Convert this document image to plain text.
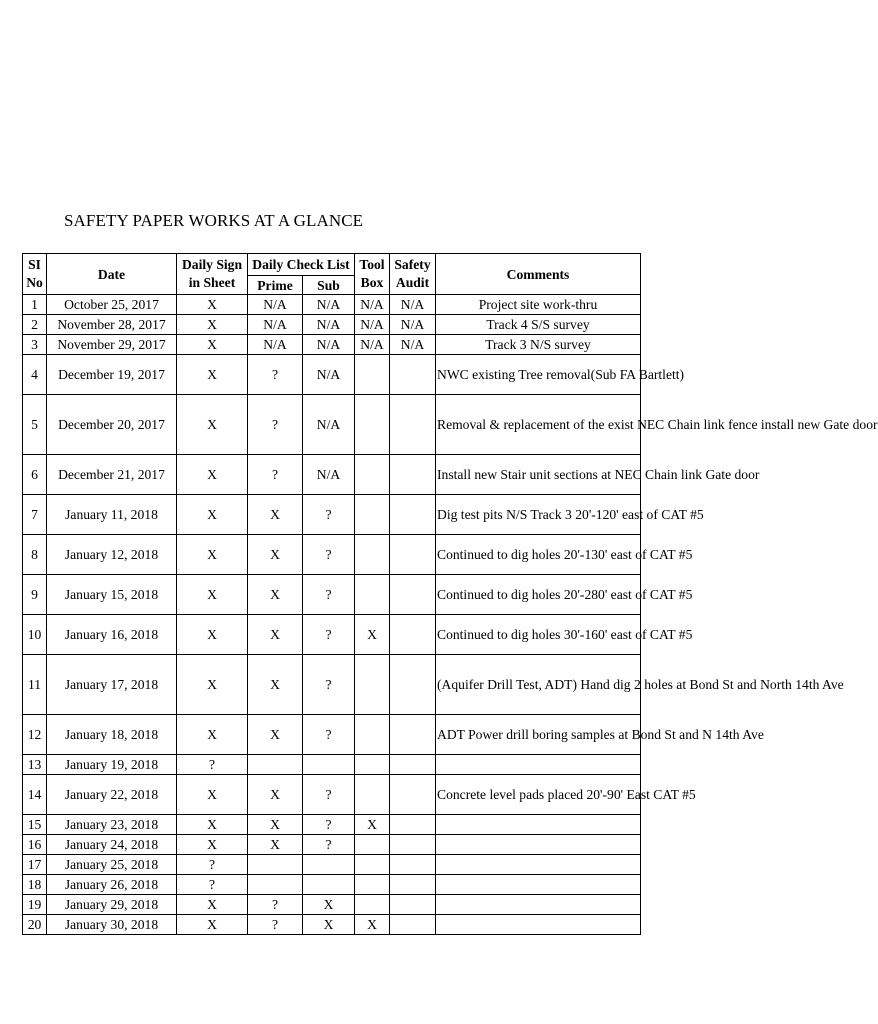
SAFETY PAPER WORKS AT A GLANCE
SI No	Date	Daily Sign in Sheet	Daily Check List		Tool Box	Safety Audit	Comments
			Prime	Sub			
1	October 25, 2017	X	N/A	N/A	N/A	N/A	Project site work-thru
2	November 28, 2017	X	N/A	N/A	N/A	N/A	Track 4 S/S survey
3	November 29, 2017	X	N/A	N/A	N/A	N/A	Track 3 N/S survey
4	December 19, 2017	X	?	N/A			NWC existing Tree removal(Sub FA Bartlett)
5	December 20, 2017	X	?	N/A			Removal & replacement of the exist NEC Chain link fence install new Gate door
6	December 21, 2017	X	?	N/A			Install new Stair unit sections at NEC Chain link Gate door
7	January 11, 2018	X	X	?			Dig test pits N/S Track 3 20'-120' east of CAT #5
8	January 12, 2018	X	X	?			Continued to dig holes 20'-130' east of CAT #5
9	January 15, 2018	X	X	?			Continued to dig holes 20'-280' east of CAT #5
10	January 16, 2018	X	X	?	X		Continued to dig holes 30'-160' east of CAT #5
11	January 17, 2018	X	X	?			(Aquifer Drill Test, ADT) Hand dig 2 holes at Bond St and North 14th Ave
12	January 18, 2018	X	X	?			ADT Power drill boring samples at Bond St and N 14th Ave
13	January 19, 2018	?					
14	January 22, 2018	X	X	?			Concrete level pads placed 20'-90' East CAT #5
15	January 23, 2018	X	X	?	X		
16	January 24, 2018	X	X	?			
17	January 25, 2018	?					
18	January 26, 2018	?					
19	January 29, 2018	X	?	X			
20	January 30, 2018	X	?	X	X		
